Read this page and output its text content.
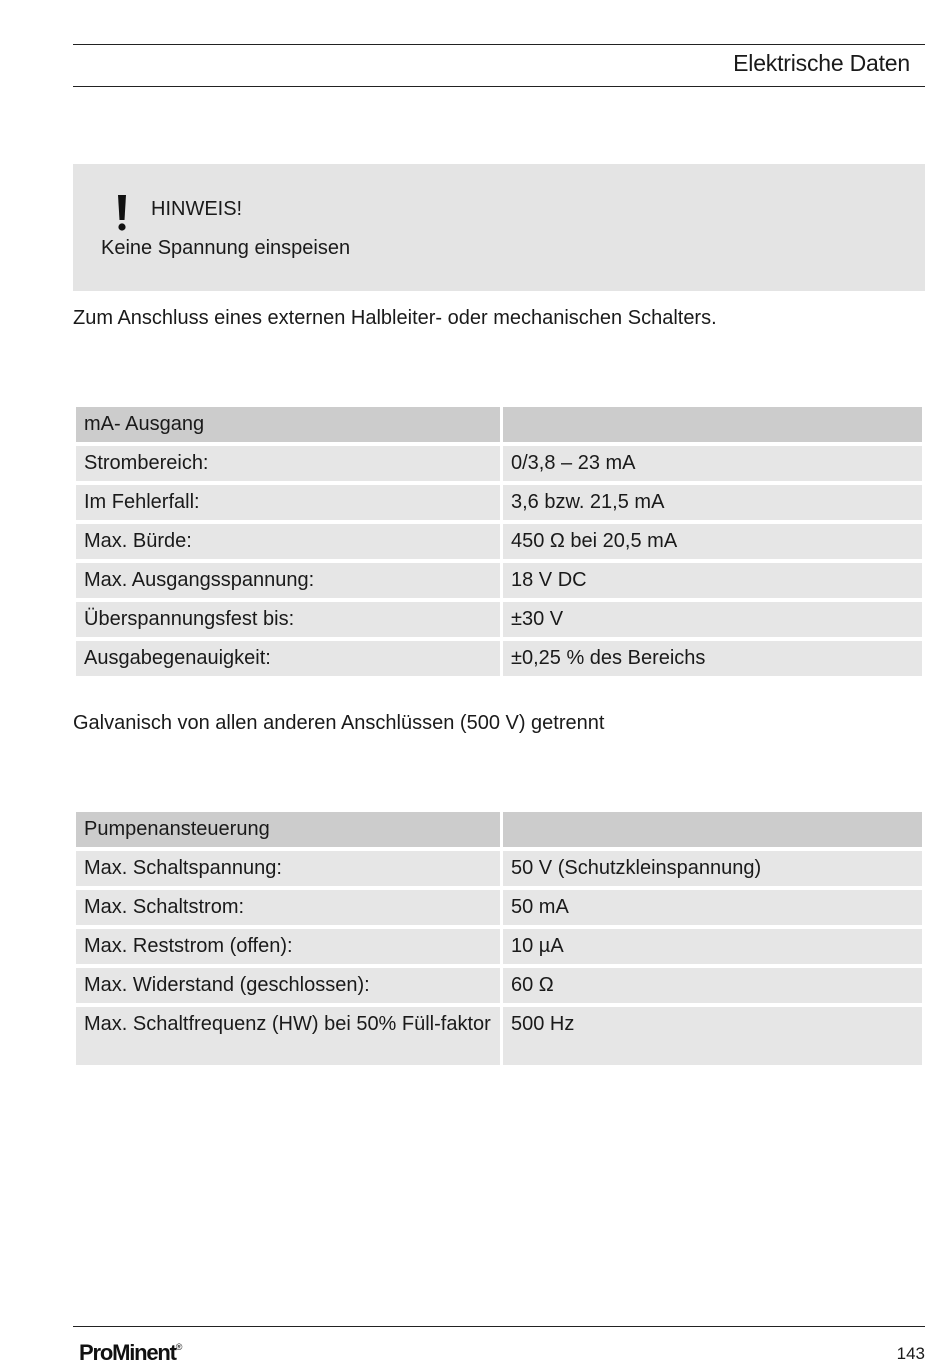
Elektrische Daten
HINWEIS!
Keine Spannung einspeisen
Zum Anschluss eines externen Halbleiter- oder mechanischen Schalters.
mA- Ausgang	
Strombereich:	0/3,8 – 23 mA
Im Fehlerfall:	3,6 bzw. 21,5 mA
Max. Bürde:	450 Ω bei 20,5 mA
Max. Ausgangsspannung:	18 V DC
Überspannungsfest bis:	±30 V
Ausgabegenauigkeit:	±0,25 % des Bereichs
Galvanisch von allen anderen Anschlüssen (500 V) getrennt
Pumpenansteuerung	
Max. Schaltspannung:	50 V (Schutzkleinspannung)
Max. Schaltstrom:	50 mA
Max. Reststrom (offen):	10 µA
Max. Widerstand (geschlossen):	60 Ω
Max. Schaltfrequenz (HW) bei 50% Füll-faktor	500 Hz
ProMinent®	143
